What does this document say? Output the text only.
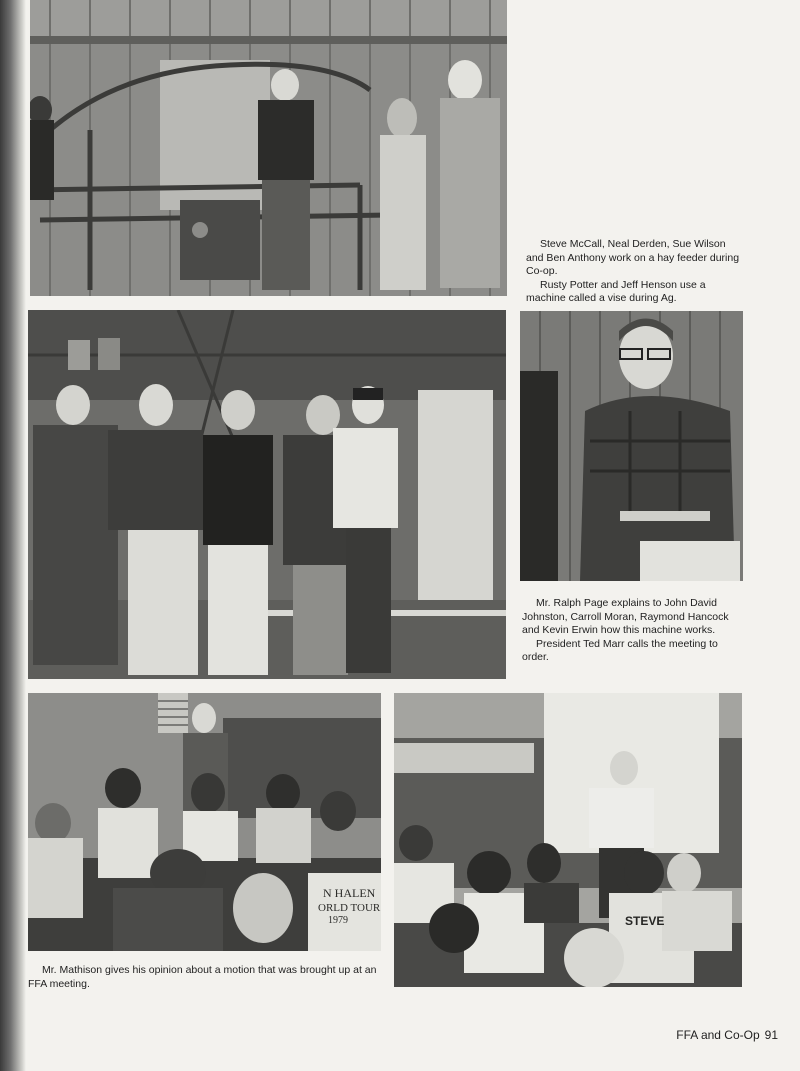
Steve McCall, Neal Derden, Sue Wilson and Ben Anthony work on a hay feeder during Co-op.

Rusty Potter and Jeff Henson use a machine called a vise during Ag.

Mr. Ralph Page explains to John David Johnston, Carroll Moran, Raymond Hancock and Kevin Erwin how this machine works.

President Ted Marr calls the meeting to order.

N HALEN
ORLD TOUR
1979

Mr. Mathison gives his opinion about a motion that was brought up at an FFA meeting.

STEVE
FFA and Co-Op 91
